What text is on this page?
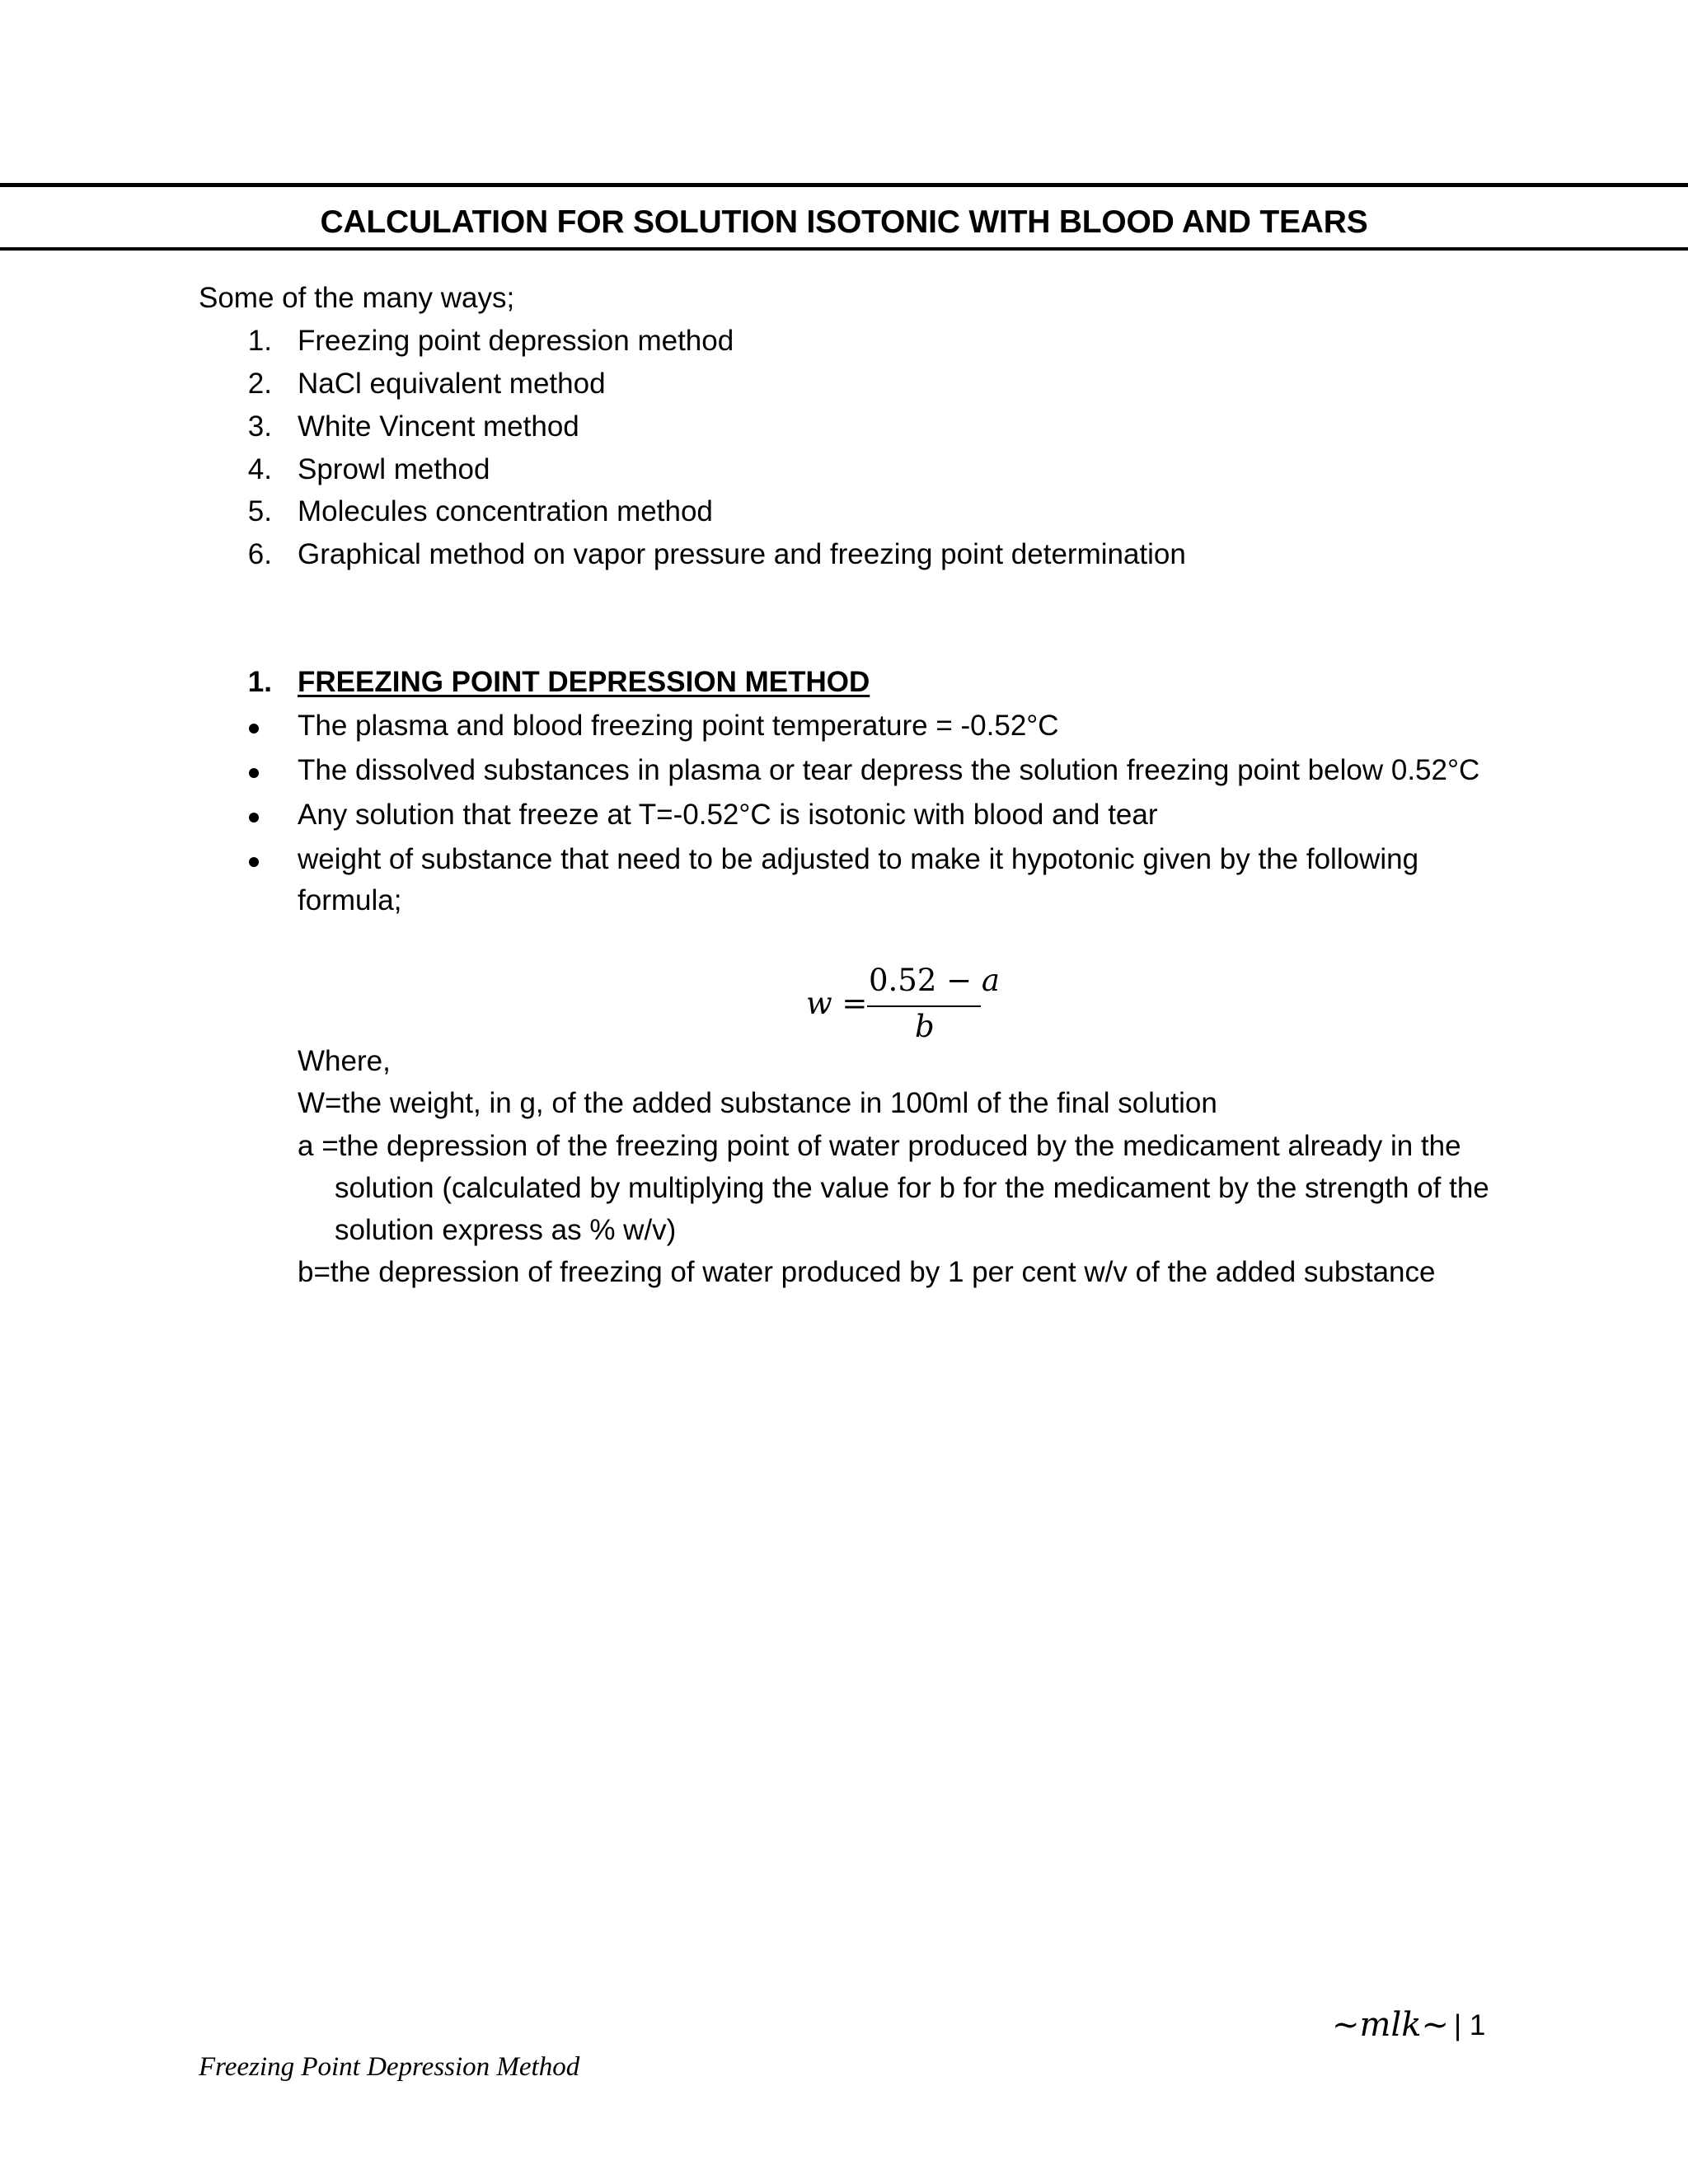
CALCULATION FOR SOLUTION ISOTONIC WITH BLOOD AND TEARS
Some of the many ways;
1. Freezing point depression method
2. NaCl equivalent method
3. White Vincent method
4. Sprowl method
5. Molecules concentration method
6. Graphical method on vapor pressure and freezing point determination
1. FREEZING POINT DEPRESSION METHOD
The plasma and blood freezing point temperature = -0.52°C
The dissolved substances in plasma or tear depress the solution freezing point below 0.52°C
Any solution that freeze at T=-0.52°C is isotonic with blood and tear
weight of substance that need to be adjusted to make it hypotonic given by the following
formula;
w =
0.52 − a
b
Where,
W=the weight, in g, of the added substance in 100ml of the final solution
a =the depression of the freezing point of water produced by the medicament already in the
solution (calculated by multiplying the value for b for the medicament by the strength of the
solution express as % w/v)
b=the depression of freezing of water produced by 1 per cent w/v of the added substance
~mlk~ | 1
Freezing Point Depression Method
